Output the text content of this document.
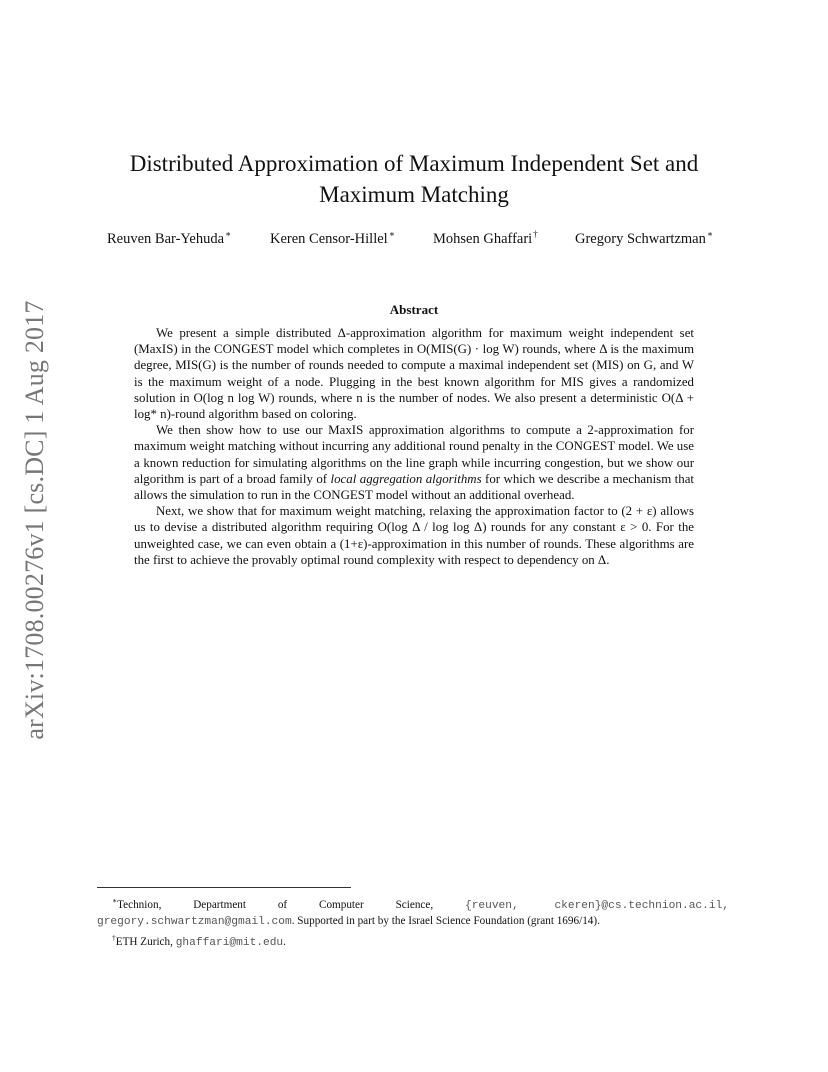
arXiv:1708.00276v1 [cs.DC] 1 Aug 2017
Distributed Approximation of Maximum Independent Set and
Maximum Matching
Reuven Bar-Yehuda∗	Keren Censor-Hillel∗	Mohsen Ghaffari†	Gregory Schwartzman∗
Abstract

We present a simple distributed Δ-approximation algorithm for maximum weight independent set (MaxIS) in the CONGEST model which completes in O(MIS(G) · log W) rounds, where Δ is the maximum degree, MIS(G) is the number of rounds needed to compute a maximal independent set (MIS) on G, and W is the maximum weight of a node. Plugging in the best known algorithm for MIS gives a randomized solution in O(log n log W) rounds, where n is the number of nodes. We also present a deterministic O(Δ + log* n)-round algorithm based on coloring.

We then show how to use our MaxIS approximation algorithms to compute a 2-approximation for maximum weight matching without incurring any additional round penalty in the CONGEST model. We use a known reduction for simulating algorithms on the line graph while incurring congestion, but we show our algorithm is part of a broad family of local aggregation algorithms for which we describe a mechanism that allows the simulation to run in the CONGEST model without an additional overhead.

Next, we show that for maximum weight matching, relaxing the approximation factor to (2 + ε) allows us to devise a distributed algorithm requiring O(log Δ / log log Δ) rounds for any constant ε > 0. For the unweighted case, we can even obtain a (1+ε)-approximation in this number of rounds. These algorithms are the first to achieve the provably optimal round complexity with respect to dependency on Δ.

∗Technion, Department of Computer Science, {reuven, ckeren}@cs.technion.ac.il, gregory.schwartzman@gmail.com. Supported in part by the Israel Science Foundation (grant 1696/14).

†ETH Zurich, ghaffari@mit.edu.
